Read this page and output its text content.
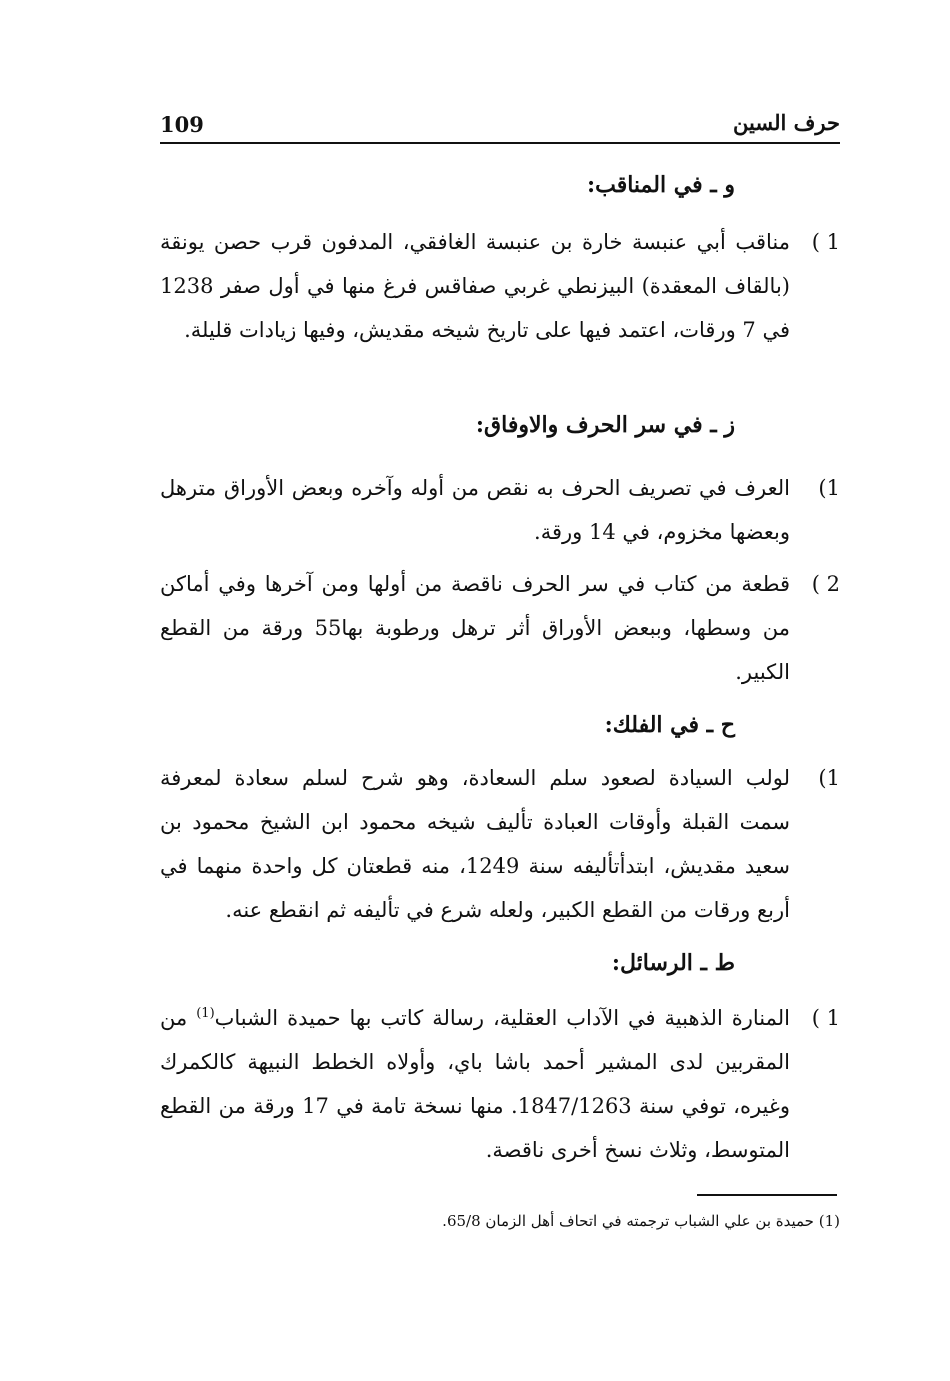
109	حرف السين
و ـ في المناقب:
1 )
مناقب أبي عنبسة خارة بن عنبسة الغافقي، المدفون قرب حصن يونقة (بالقاف المعقدة) البيزنطي غربي صفاقس فرغ منها في أول صفر 1238 في 7 ورقات، اعتمد فيها على تاريخ شيخه مقديش، وفيها زيادات قليلة.
ز ـ في سر الحرف والاوفاق:
1)
العرف في تصريف الحرف به نقص من أوله وآخره وبعض الأوراق مترهل وبعضها مخزوم، في 14 ورقة.
2 )
قطعة من كتاب في سر الحرف ناقصة من أولها ومن آخرها وفي أماكن من وسطها، وببعض الأوراق أثر ترهل ورطوبة بها55 ورقة من القطع الكبير.
ح ـ في الفلك:
1)
لولب السيادة لصعود سلم السعادة، وهو شرح لسلم سعادة لمعرفة سمت القبلة وأوقات العبادة تأليف شيخه محمود ابن الشيخ محمود بن سعيد مقديش، ابتدأتأليفه سنة 1249، منه قطعتان كل واحدة منهما في أربع ورقات من القطع الكبير، ولعله شرع في تأليفه ثم انقطع عنه.
ط ـ الرسائل:
1 )
المنارة الذهبية في الآداب العقلية، رسالة كاتب بها حميدة الشباب$^{(1)}$ من المقربين لدى المشير أحمد باشا باي، وأولاه الخطط النبيهة كالكمرك وغيره، توفي سنة 1847/1263. منها نسخة تامة في 17 ورقة من القطع المتوسط، وثلاث نسخ أخرى ناقصة.
(1) حميدة بن علي الشباب ترجمته في اتحاف أهل الزمان 65/8.
